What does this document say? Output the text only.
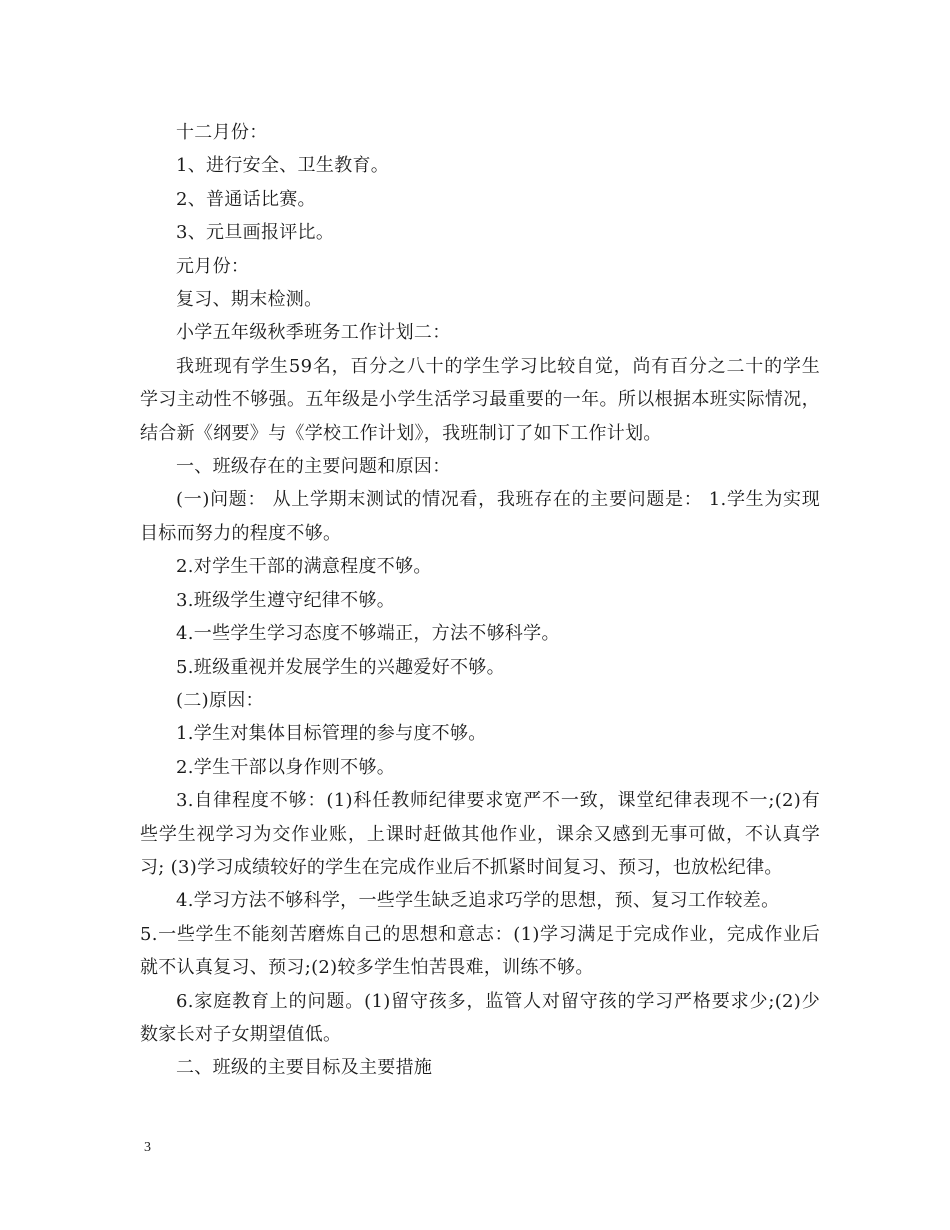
十二月份：

1、进行安全、卫生教育。

2、普通话比赛。

3、元旦画报评比。

元月份：

复习、期末检测。

小学五年级秋季班务工作计划二：

我班现有学生59名，百分之八十的学生学习比较自觉，尚有百分之二十的学生学习主动性不够强。五年级是小学生活学习最重要的一年。所以根据本班实际情况，结合新《纲要》与《学校工作计划》，我班制订了如下工作计划。

一、班级存在的主要问题和原因：

(一)问题： 从上学期末测试的情况看，我班存在的主要问题是： 1.学生为实现目标而努力的程度不够。

2.对学生干部的满意程度不够。

3.班级学生遵守纪律不够。

4.一些学生学习态度不够端正，方法不够科学。

5.班级重视并发展学生的兴趣爱好不够。

(二)原因：

1.学生对集体目标管理的参与度不够。

2.学生干部以身作则不够。

3.自律程度不够：(1)科任教师纪律要求宽严不一致，课堂纪律表现不一;(2)有些学生视学习为交作业账，上课时赶做其他作业，课余又感到无事可做，不认真学习; (3)学习成绩较好的学生在完成作业后不抓紧时间复习、预习，也放松纪律。

4.学习方法不够科学，一些学生缺乏追求巧学的思想，预、复习工作较差。

5.一些学生不能刻苦磨炼自己的思想和意志：(1)学习满足于完成作业，完成作业后就不认真复习、预习;(2)较多学生怕苦畏难，训练不够。

6.家庭教育上的问题。(1)留守孩多，监管人对留守孩的学习严格要求少;(2)少数家长对子女期望值低。

二、班级的主要目标及主要措施

3
